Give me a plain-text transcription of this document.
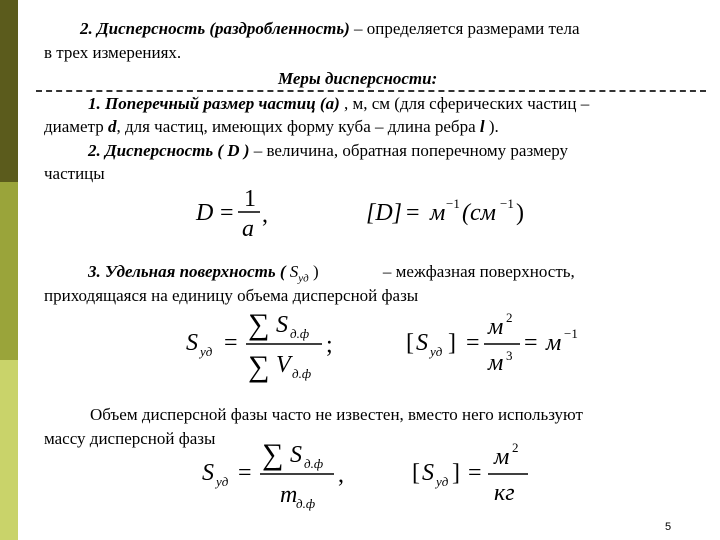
2. Дисперсность (раздробленность) – определяется размерами тела
в трех измерениях.
Меры дисперсности:
1. Поперечный размер частиц (a) , м, см (для сферических частиц –
диаметр d, для частиц, имеющих форму куба – длина ребра l ).
2. Дисперсность ( D ) – величина, обратная поперечному размеру
частицы
D =
1
a
,	[D] = м −1 (см −1 )
3. Удельная поверхность ( $S_{уд}$ )	– межфазная поверхность,
приходящаяся на единицу объема дисперсной фазы
S уд =
∑ S д.ф
∑ V д.ф
;	[ S уд ] =
м 2
м 3 = м −1
Объем дисперсной фазы часто не известен, вместо него используют
массу дисперсной фазы
S уд =
∑ S д.ф
m
д.ф
,	[ S уд ] =
м 2
кг
5
